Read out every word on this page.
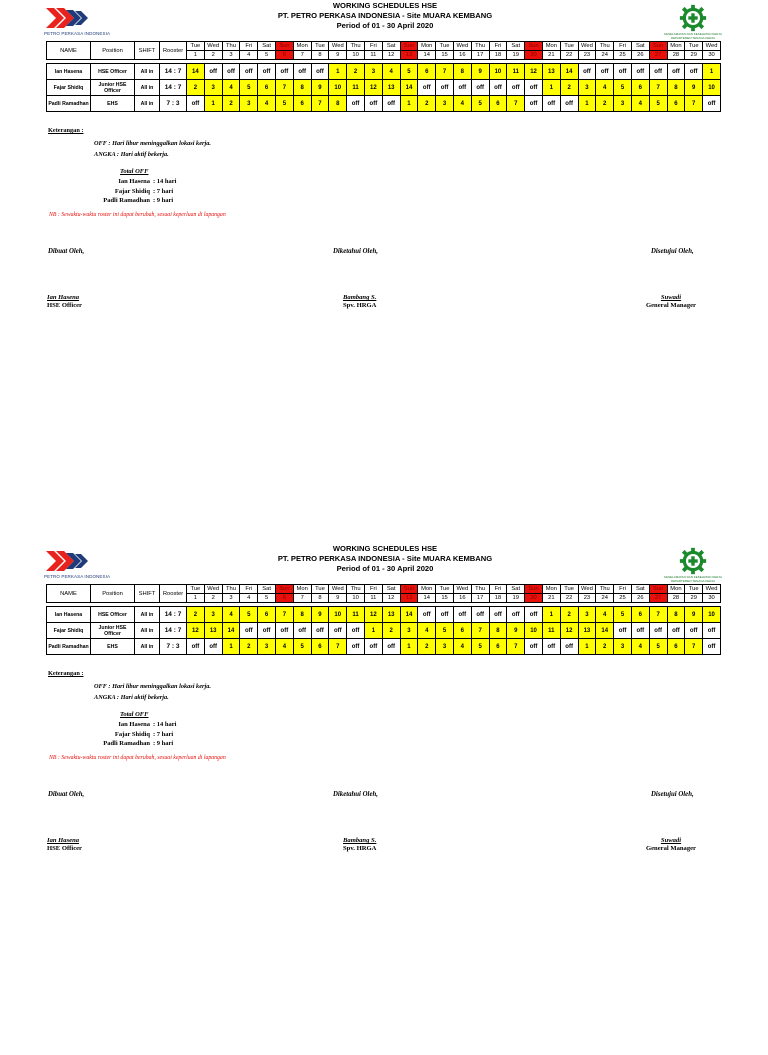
PETRO PERKASA INDONESIA
WORKING SCHEDULES HSE
PT. PETRO PERKASA INDONESIA - Site MUARA KEMBANG
Period of 01 - 30 April 2020
KESELAMATAN DAN KESEHATAN KERJA
DEPARTEMEN TENAGA KERJA
NAME	Position	SHIFT	Rooster	Tue	Wed	Thu	Fri	Sat	Sun	Mon	Tue	Wed	Thu	Fri	Sat	Sun	Mon	Tue	Wed	Thu	Fri	Sat	Sun	Mon	Tue	Wed	Thu	Fri	Sat	Sun	Mon	Tue	Wed
				1	2	3	4	5	6	7	8	9	10	11	12	13	14	15	16	17	18	19	20	21	22	23	24	25	26	27	28	29	30

Ian Hasena	HSE Officer	All in	14 : 7	14	off	off	off	off	off	off	off	1	2	3	4	5	6	7	8	9	10	11	12	13	14	off	off	off	off	off	off	off	1
Fajar Shidiq	Junior HSE Officer	All in	14 : 7	2	3	4	5	6	7	8	9	10	11	12	13	14	off	off	off	off	off	off	off	1	2	3	4	5	6	7	8	9	10
Padli Ramadhan	EHS	All in	7 : 3	off	1	2	3	4	5	6	7	8	off	off	off	1	2	3	4	5	6	7	off	off	off	1	2	3	4	5	6	7	off
Keterangan :
OFF : Hari libur meninggalkan lokasi kerja.
ANGKA : Hari aktif bekerja.
Total OFF
Ian Hasena : 14 hari
Fajar Shidiq : 7 hari
Padli Ramadhan : 9 hari
NB : Sewaktu-waktu roster ini dapat berubah, sesuai keperluan di lapangan
Dibuat Oleh,	Diketahui Oleh,	Disetujui Oleh,
Ian Hasena
HSE Officer
Bambang S.
Spv. HRGA
Suwadi
General Manager
PETRO PERKASA INDONESIA
WORKING SCHEDULES HSE
PT. PETRO PERKASA INDONESIA - Site MUARA KEMBANG
Period of 01 - 30 April 2020
KESELAMATAN DAN KESEHATAN KERJA
DEPARTEMEN TENAGA KERJA
NAME	Position	SHIFT	Rooster	Tue	Wed	Thu	Fri	Sat	Sun	Mon	Tue	Wed	Thu	Fri	Sat	Sun	Mon	Tue	Wed	Thu	Fri	Sat	Sun	Mon	Tue	Wed	Thu	Fri	Sat	Sun	Mon	Tue	Wed
				1	2	3	4	5	6	7	8	9	10	11	12	13	14	15	16	17	18	19	20	21	22	23	24	25	26	27	28	29	30

Ian Hasena	HSE Officer	All in	14 : 7	2	3	4	5	6	7	8	9	10	11	12	13	14	off	off	off	off	off	off	off	1	2	3	4	5	6	7	8	9	10
Fajar Shidiq	Junior HSE Officer	All in	14 : 7	12	13	14	off	off	off	off	off	off	off	1	2	3	4	5	6	7	8	9	10	11	12	13	14	off	off	off	off	off	off
Padli Ramadhan	EHS	All in	7 : 3	off	off	1	2	3	4	5	6	7	off	off	off	1	2	3	4	5	6	7	off	off	off	1	2	3	4	5	6	7	off
Keterangan :
OFF : Hari libur meninggalkan lokasi kerja.
ANGKA : Hari aktif bekerja.
Total OFF
Ian Hasena : 14 hari
Fajar Shidiq : 7 hari
Padli Ramadhan : 9 hari
NB : Sewaktu-waktu roster ini dapat berubah, sesuai keperluan di lapangan
Dibuat Oleh,	Diketahui Oleh,	Disetujui Oleh,
Ian Hasena
HSE Officer
Bambang S.
Spv. HRGA
Suwadi
General Manager
